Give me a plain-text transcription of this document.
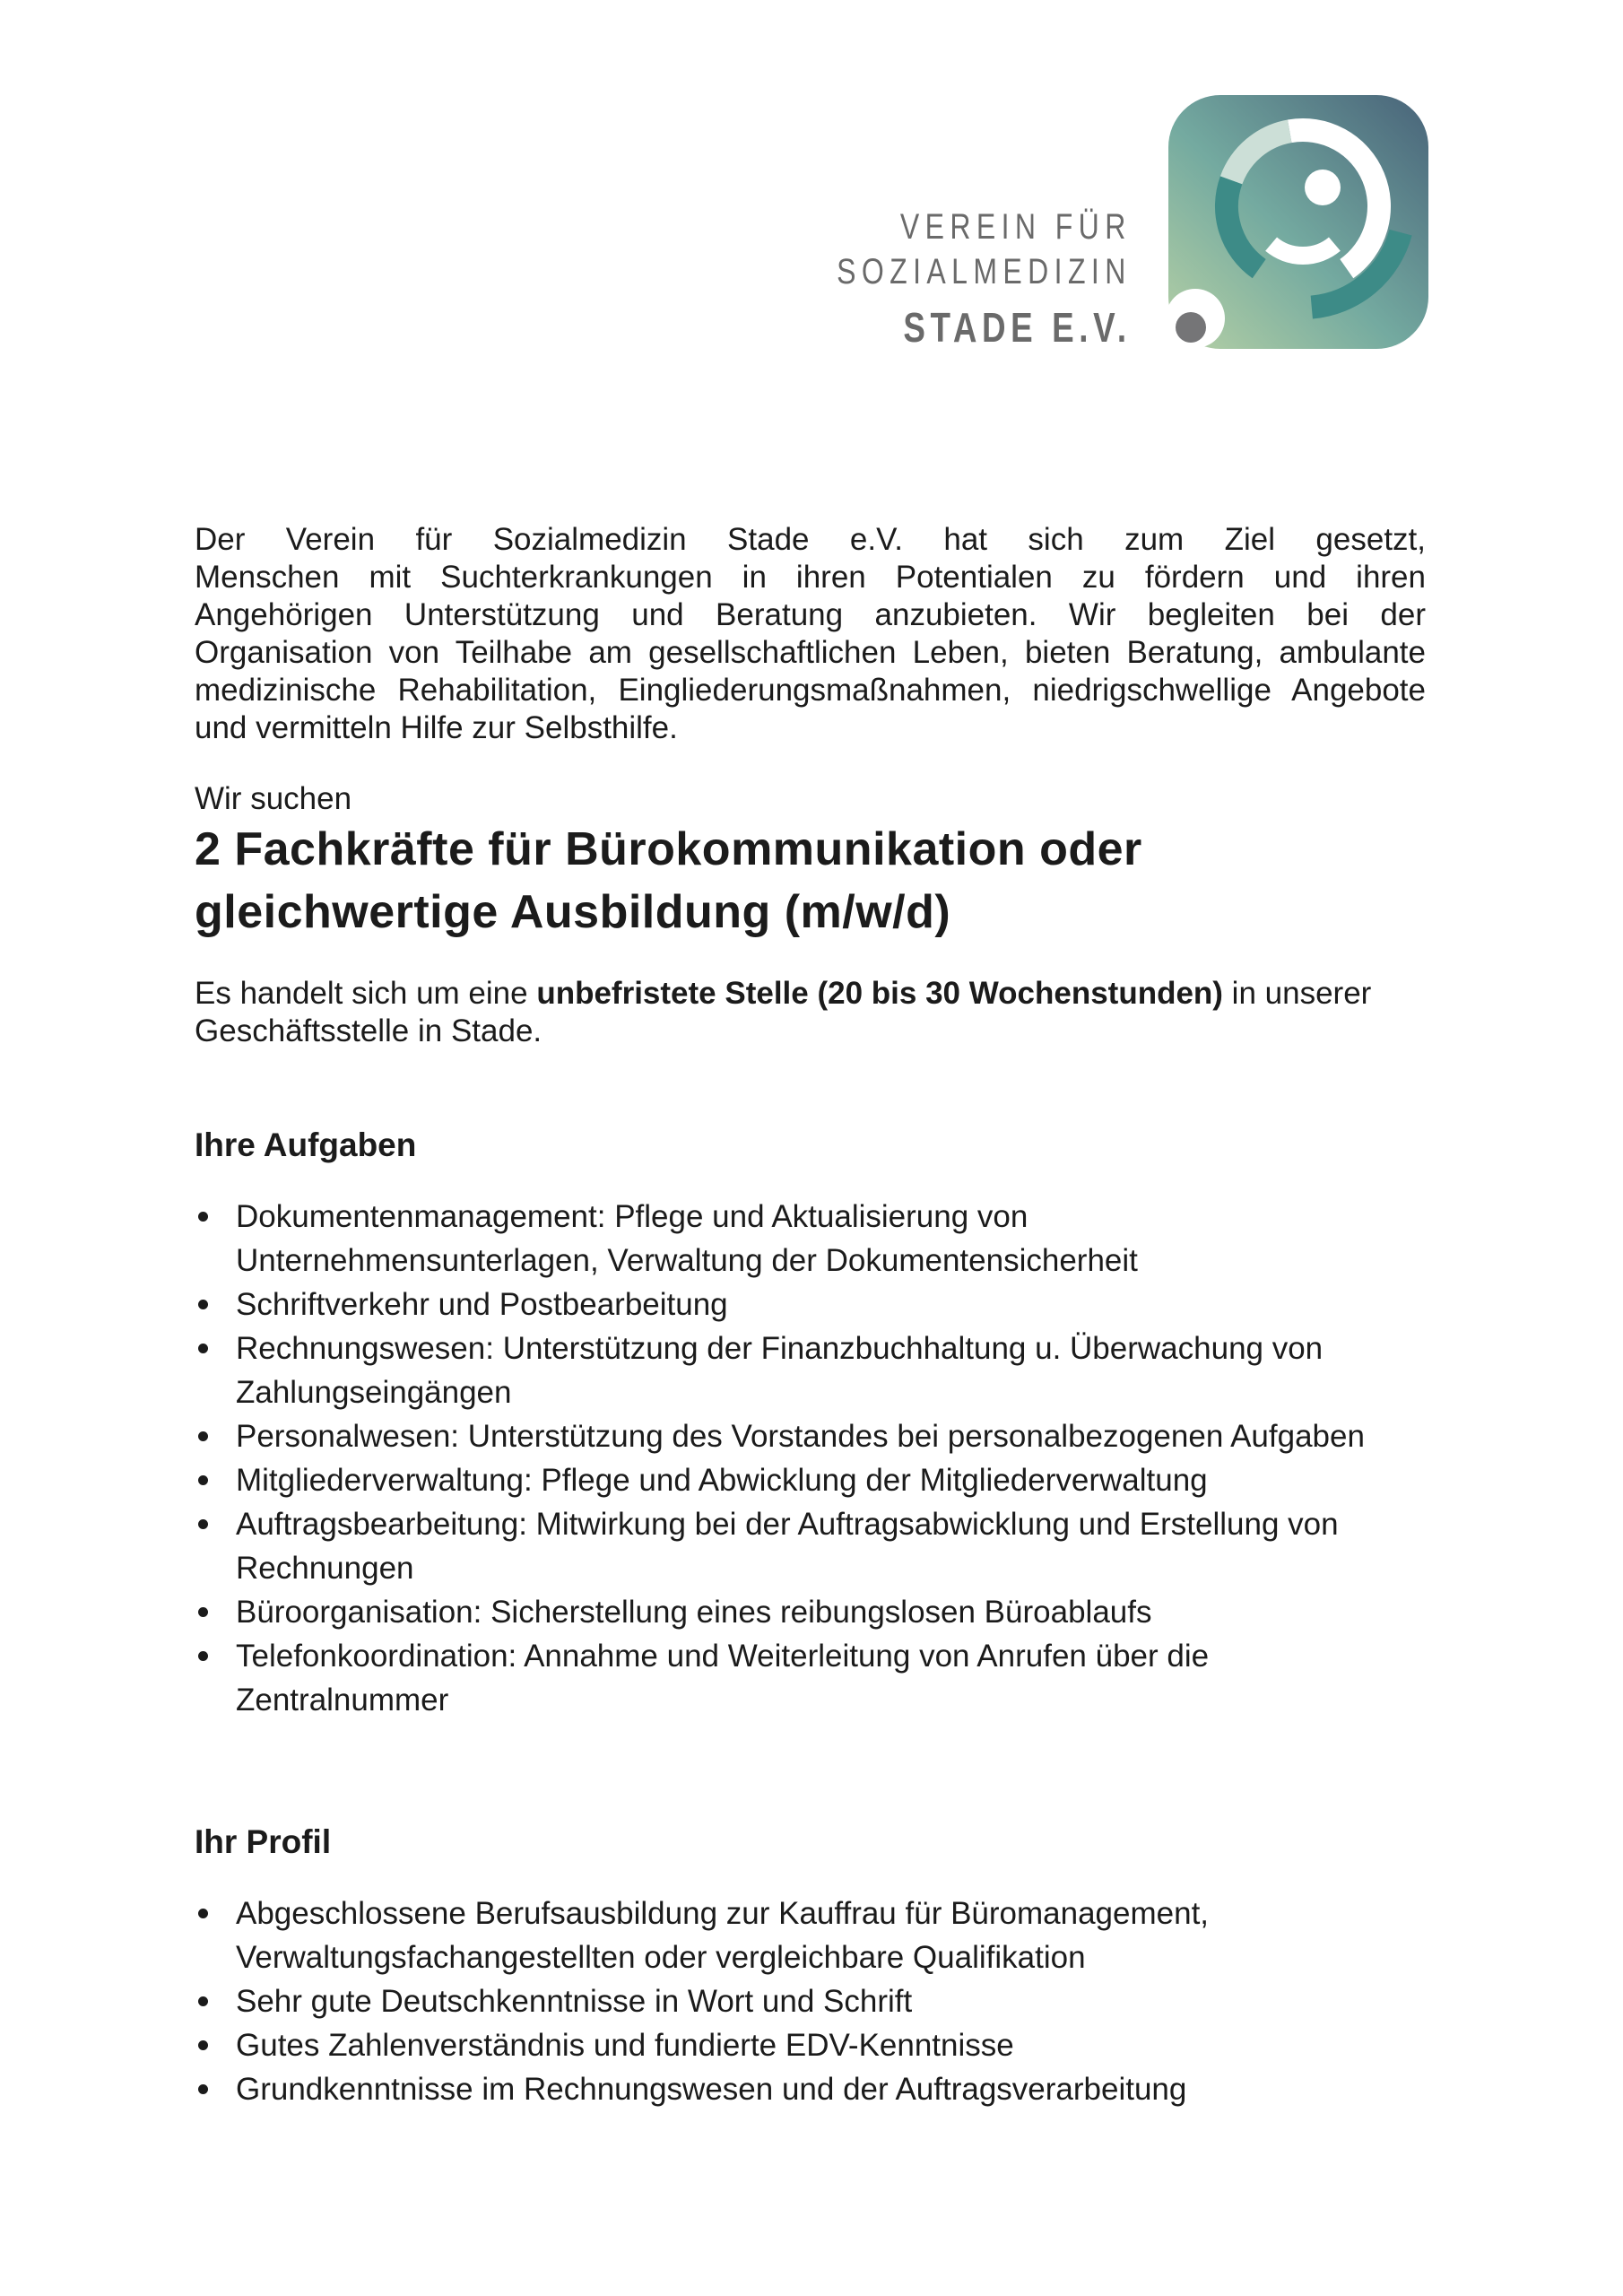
VEREIN FÜR
SOZIALMEDIZIN
STADE E.V.
Der Verein für Sozialmedizin Stade e.V. hat sich zum Ziel gesetzt,
Menschen mit Suchterkrankungen in ihren Potentialen zu fördern und ihren
Angehörigen Unterstützung und Beratung anzubieten. Wir begleiten bei der
Organisation von Teilhabe am gesellschaftlichen Leben, bieten Beratung, ambulante
medizinische Rehabilitation, Eingliederungsmaßnahmen, niedrigschwellige Angebote
und vermitteln Hilfe zur Selbsthilfe.
Wir suchen
2 Fachkräfte für Bürokommunikation oder
gleichwertige Ausbildung (m/w/d)
Es handelt sich um eine unbefristete Stelle (20 bis 30 Wochenstunden) in unserer Geschäftsstelle in Stade.
Ihre Aufgaben
Dokumentenmanagement: Pflege und Aktualisierung von Unternehmensunterlagen, Verwaltung der Dokumentensicherheit
Schriftverkehr und Postbearbeitung
Rechnungswesen: Unterstützung der Finanzbuchhaltung u. Überwachung von Zahlungseingängen
Personalwesen: Unterstützung des Vorstandes bei personalbezogenen Aufgaben
Mitgliederverwaltung: Pflege und Abwicklung der Mitgliederverwaltung
Auftragsbearbeitung: Mitwirkung bei der Auftragsabwicklung und Erstellung von Rechnungen
Büroorganisation: Sicherstellung eines reibungslosen Büroablaufs
Telefonkoordination: Annahme und Weiterleitung von Anrufen über die Zentralnummer
Ihr Profil
Abgeschlossene Berufsausbildung zur Kauffrau für Büromanagement, Verwaltungsfachangestellten oder vergleichbare Qualifikation
Sehr gute Deutschkenntnisse in Wort und Schrift
Gutes Zahlenverständnis und fundierte EDV-Kenntnisse
Grundkenntnisse im Rechnungswesen und der Auftragsverarbeitung
